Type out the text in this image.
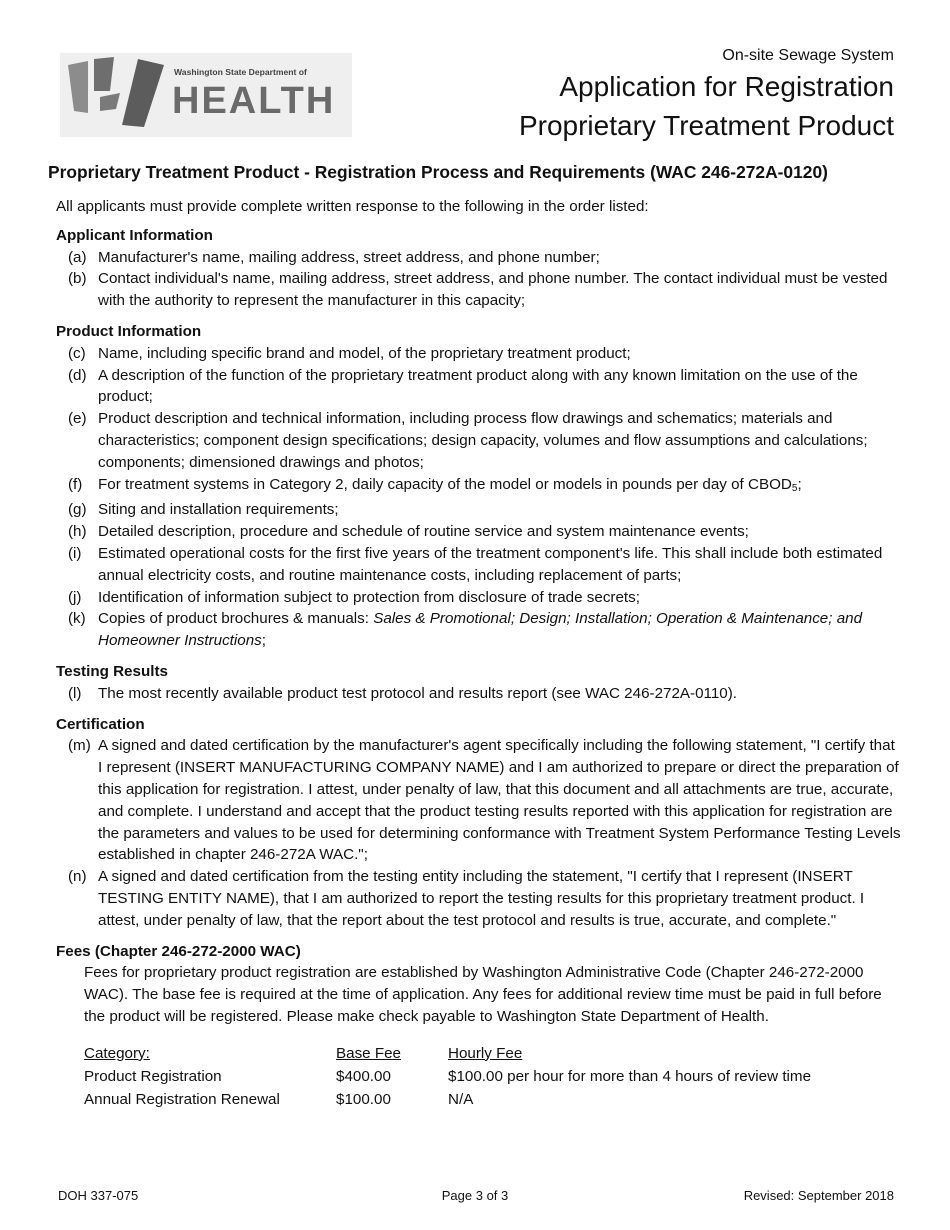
Washington State Department of
HEALTH
On-site Sewage System
Application for Registration
Proprietary Treatment Product
Proprietary Treatment Product - Registration Process and Requirements (WAC 246-272A-0120)

All applicants must provide complete written response to the following in the order listed:

Applicant Information

(a) Manufacturer's name, mailing address, street address, and phone number;
(b) Contact individual's name, mailing address, street address, and phone number. The contact individual must be vested with the authority to represent the manufacturer in this capacity;

Product Information

(c) Name, including specific brand and model, of the proprietary treatment product;
(d) A description of the function of the proprietary treatment product along with any known limitation on the use of the product;
(e) Product description and technical information, including process flow drawings and schematics; materials and characteristics; component design specifications; design capacity, volumes and flow assumptions and calculations; components; dimensioned drawings and photos;
(f)	For treatment systems in Category 2, daily capacity of the model or models in pounds per day of $CBOD_5$;
(g) Siting and installation requirements;
(h) Detailed description, procedure and schedule of routine service and system maintenance events;
(i)	Estimated operational costs for the first five years of the treatment component's life. This shall include both estimated annual electricity costs, and routine maintenance costs, including replacement of parts;
(j)	Identification of information subject to protection from disclosure of trade secrets;
(k) Copies of product brochures & manuals: Sales & Promotional; Design; Installation; Operation & Maintenance; and Homeowner Instructions;

Testing Results

(l)	The most recently available product test protocol and results report (see WAC 246-272A-0110).

Certification

(m) A signed and dated certification by the manufacturer's agent specifically including the following statement, "I certify that I represent (INSERT MANUFACTURING COMPANY NAME) and I am authorized to prepare or direct the preparation of this application for registration. I attest, under penalty of law, that this document and all attachments are true, accurate, and complete. I understand and accept that the product testing results reported with this application for registration are the parameters and values to be used for determining conformance with Treatment System Performance Testing Levels established in chapter 246-272A WAC.";
(n) A signed and dated certification from the testing entity including the statement, "I certify that I represent (INSERT TESTING ENTITY NAME), that I am authorized to report the testing results for this proprietary treatment product. I attest, under penalty of law, that the report about the test protocol and results is true, accurate, and complete."

Fees (Chapter 246-272-2000 WAC)

Fees for proprietary product registration are established by Washington Administrative Code (Chapter 246-272-2000 WAC). The base fee is required at the time of application. Any fees for additional review time must be paid in full before the product will be registered. Please make check payable to Washington State Department of Health.

Category:	Base Fee	Hourly Fee
Product Registration	$400.00	$100.00 per hour for more than 4 hours of review time
Annual Registration Renewal	$100.00	N/A
Page 3 of 3
DOH 337-075	Revised: September 2018
